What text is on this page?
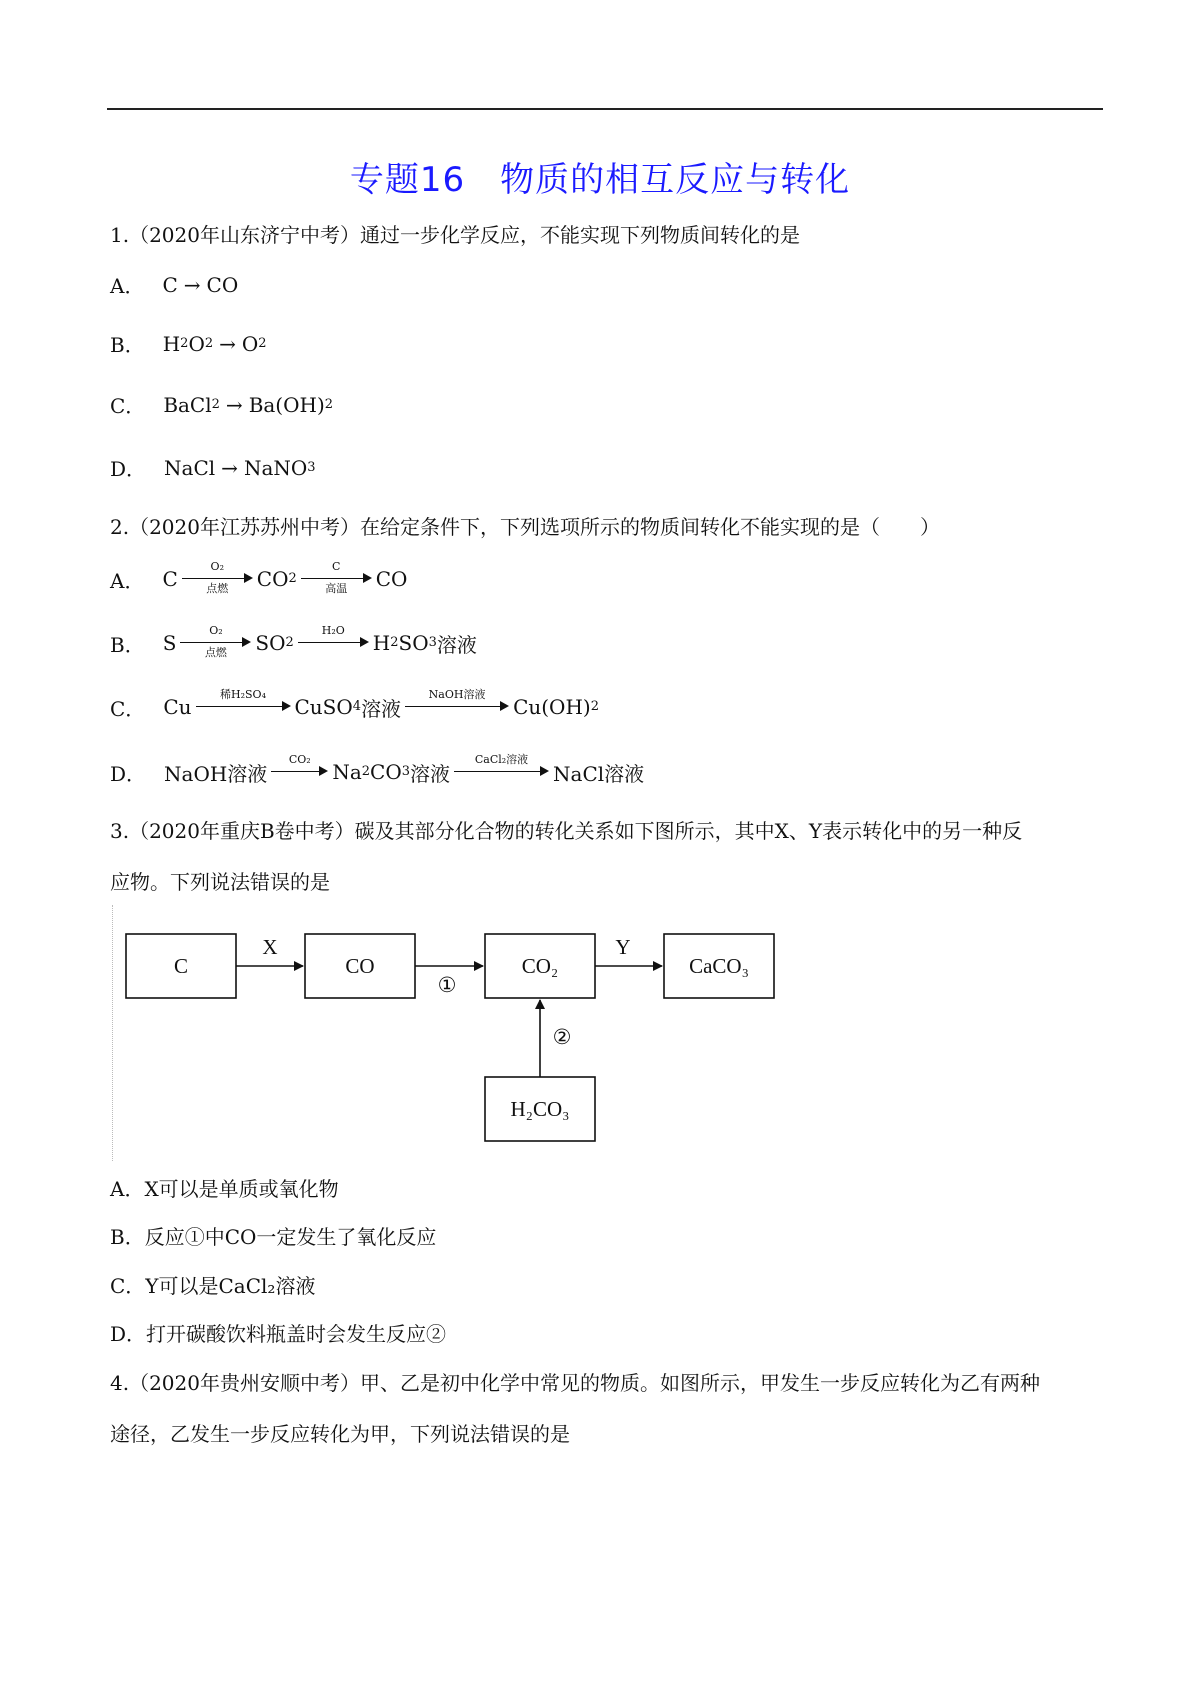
专题16　物质的相互反应与转化
1.（2020年山东济宁中考）通过一步化学反应，不能实现下列物质间转化的是
A． C → CO
B． H 2 O 2 → O 2
C． BaCl 2 → Ba(OH) 2
D． NaCl → NaNO 3
2.（2020年江苏苏州中考）在给定条件下，下列选项所示的物质间转化不能实现的是（　　）
A． C
O₂
点燃 CO 2
C
高温 CO
B． S
O₂
点燃 SO 2
H₂O
H 2 SO 3 溶液
C． Cu
稀H₂SO₄
CuSO 4 溶液
NaOH溶液
Cu(OH) 2
D． NaOH溶液
CO₂
Na 2 CO 3 溶液
CaCl₂溶液
NaCl溶液
3.（2020年重庆B卷中考）碳及其部分化合物的转化关系如下图所示，其中X、Y表示转化中的另一种反
应物。下列说法错误的是
C	CO	CO₂	CaCO₃
H₂CO₃
X	Y
①
②
A．X可以是单质或氧化物
B．反应①中CO一定发生了氧化反应
C．Y可以是CaCl₂溶液
D．打开碳酸饮料瓶盖时会发生反应②
4.（2020年贵州安顺中考）甲、乙是初中化学中常见的物质。如图所示，甲发生一步反应转化为乙有两种
途径，乙发生一步反应转化为甲，下列说法错误的是
